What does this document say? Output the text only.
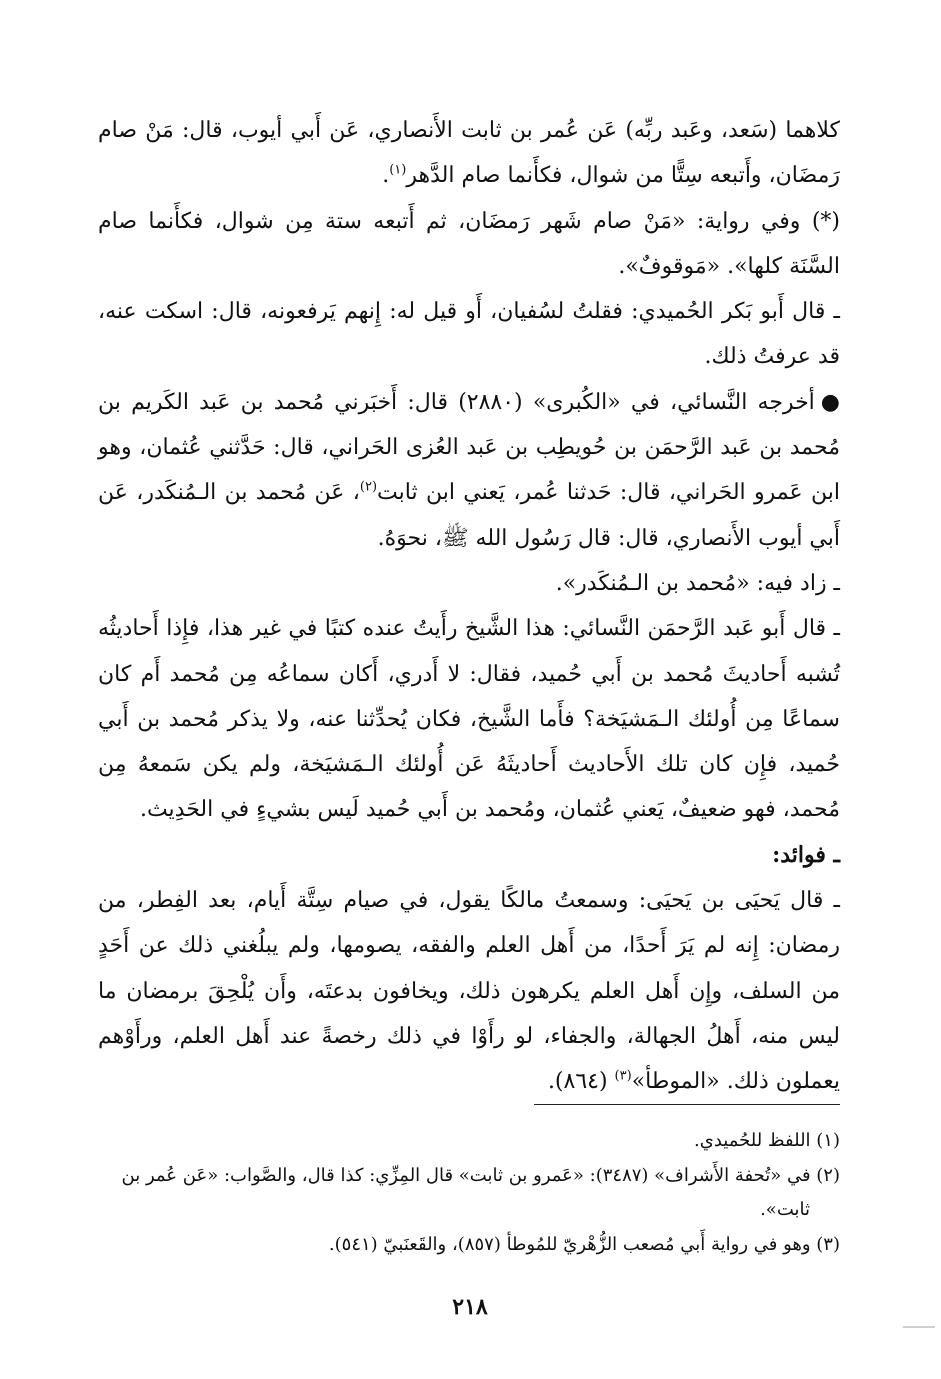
كلاهما (سَعد، وعَبد ربِّه) عَن عُمر بن ثابت الأَنصاري، عَن أَبي أيوب، قال: مَنْ صام رَمضَان، وأَتبعه سِتًّا من شوال، فكأَنما صام الدَّهر$^{(١)}$.

(*) وفي رواية: «مَنْ صام شَهر رَمضَان، ثم أَتبعه ستة مِن شوال، فكأَنما صام السَّنَة كلها». «مَوقوفٌ».

ـ قال أَبو بَكر الحُميدي: فقلتُ لسُفيان، أَو قيل له: إِنهم يَرفعونه، قال: اسكت عنه، قد عرفتُ ذلك.

●أخرجه النَّسائي، في «الكُبرى» (٢٨٨٠) قال: أَخبَرني مُحمد بن عَبد الكَريم بن مُحمد بن عَبد الرَّحمَن بن حُويطِب بن عَبد العُزى الحَراني، قال: حَدَّثني عُثمان، وهو ابن عَمرو الحَراني، قال: حَدثنا عُمر، يَعني ابن ثابت$^{(٢)}$، عَن مُحمد بن الـمُنكَدر، عَن أَبي أيوب الأَنصاري، قال: قال رَسُول الله ﷺ، نحوَهُ.

ـ زاد فيه: «مُحمد بن الـمُنكَدر».

ـ قال أَبو عَبد الرَّحمَن النَّسائي: هذا الشَّيخ رأَيتُ عنده كتبًا في غير هذا، فإِذا أَحاديثُه تُشبه أَحاديثَ مُحمد بن أَبي حُميد، فقال: لا أَدري، أَكان سماعُه مِن مُحمد أَم كان سماعًا مِن أُولئك الـمَشيَخة؟ فأَما الشَّيخ، فكان يُحدِّثنا عنه، ولا يذكر مُحمد بن أَبي حُميد، فإِن كان تلك الأَحاديث أَحاديثَهُ عَن أُولئك الـمَشيَخة، ولم يكن سَمعهُ مِن مُحمد، فهو ضعيفٌ، يَعني عُثمان، ومُحمد بن أَبي حُميد لَيس بشيءٍ في الحَدِيث.

ـ فوائد:

ـ قال يَحيَى بن يَحيَى: وسمعتُ مالكًا يقول، في صيام سِتَّة أَيام، بعد الفِطر، من رمضان: إِنه لم يَرَ أَحدًا، من أَهل العلم والفقه، يصومها، ولم يبلُغني ذلك عن أَحَدٍ من السلف، وإِن أَهل العلم يكرهون ذلك، ويخافون بدعتَه، وأَن يُلْحِقَ برمضان ما ليس منه، أَهلُ الجهالة، والجفاء، لو رأَوْا في ذلك رخصةً عند أَهل العلم، ورأَوْهم يعملون ذلك. «الموطأ»$^{(٣)}$ (٨٦٤).

(١) اللفظ للحُميدي.

(٢) في «تُحفة الأَشراف» (٣٤٨٧): «عَمرو بن ثابت» قال المِزِّي: كذا قال، والصَّواب: «عَن عُمر بن

ثابت».

(٣) وهو في رواية أَبي مُصعب الزُّهْريّ للمُوطأ (٨٥٧)، والقَعنَبيّ (٥٤١).

٢١٨
